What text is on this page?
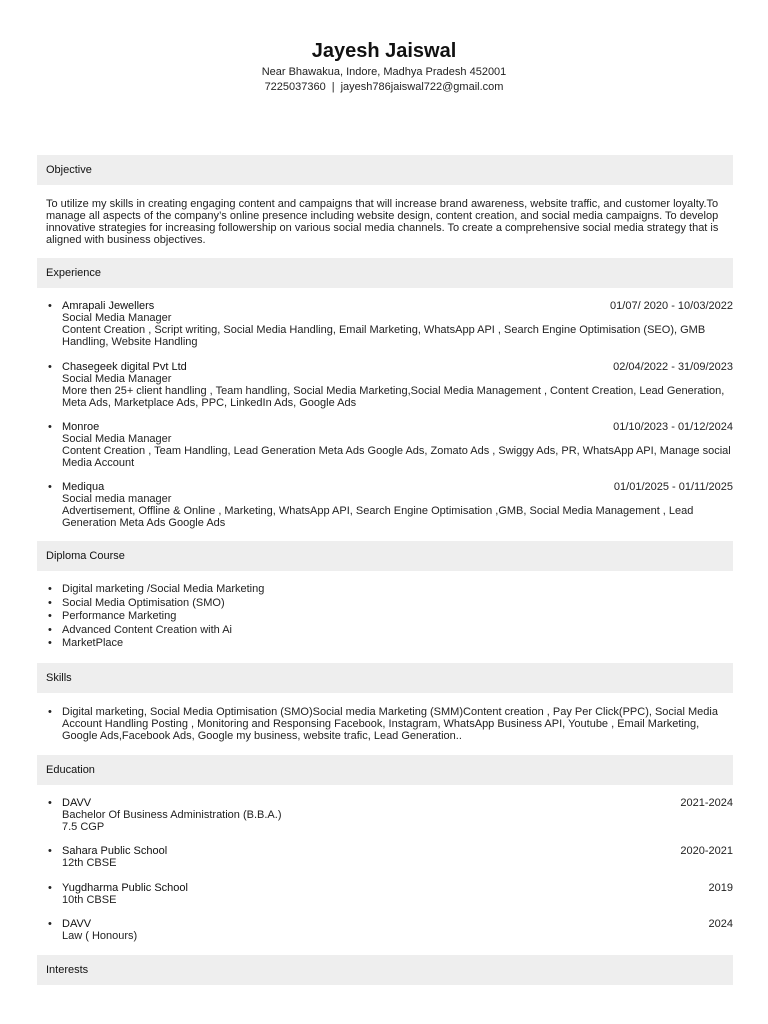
Jayesh Jaiswal
Near Bhawakua, Indore, Madhya Pradesh 452001
7225037360 | jayesh786jaiswal722@gmail.com
Objective
To utilize my skills in creating engaging content and campaigns that will increase brand awareness, website traffic, and customer loyalty.To manage all aspects of the company’s online presence including website design, content creation, and social media campaigns. To develop innovative strategies for increasing followership on various social media channels. To create a comprehensive social media strategy that is aligned with business objectives.
Experience
• Amrapali Jewellers	01/07/ 2020 - 10/03/2022
Social Media Manager
Content Creation , Script writing, Social Media Handling, Email Marketing, WhatsApp API , Search Engine Optimisation (SEO), GMB Handling, Website Handling
• Chasegeek digital Pvt Ltd	02/04/2022 - 31/09/2023
Social Media Manager
More then 25+ client handling , Team handling, Social Media Marketing,Social Media Management , Content Creation, Lead Generation, Meta Ads, Marketplace Ads, PPC, LinkedIn Ads, Google Ads
• Monroe	01/10/2023 - 01/12/2024
Social Media Manager
Content Creation , Team Handling, Lead Generation Meta Ads Google Ads, Zomato Ads , Swiggy Ads, PR, WhatsApp API, Manage social Media Account
• Mediqua	01/01/2025 - 01/11/2025
Social media manager
Advertisement, Offline & Online , Marketing, WhatsApp API, Search Engine Optimisation ,GMB, Social Media Management , Lead Generation Meta Ads Google Ads
Diploma Course
• Digital marketing /Social Media Marketing
• Social Media Optimisation (SMO)
• Performance Marketing
• Advanced Content Creation with Ai
• MarketPlace
Skills
• Digital marketing, Social Media Optimisation (SMO)Social media Marketing (SMM)Content creation , Pay Per Click(PPC), Social Media Account Handling Posting , Monitoring and Responsing Facebook, Instagram, WhatsApp Business API, Youtube , Email Marketing, Google Ads,Facebook Ads, Google my business, website trafic, Lead Generation..
Education
• DAVV	2021-2024
Bachelor Of Business Administration (B.B.A.)
7.5 CGP
• Sahara Public School	2020-2021
12th CBSE
• Yugdharma Public School	2019
10th CBSE
• DAVV	2024
Law ( Honours)
Interests
